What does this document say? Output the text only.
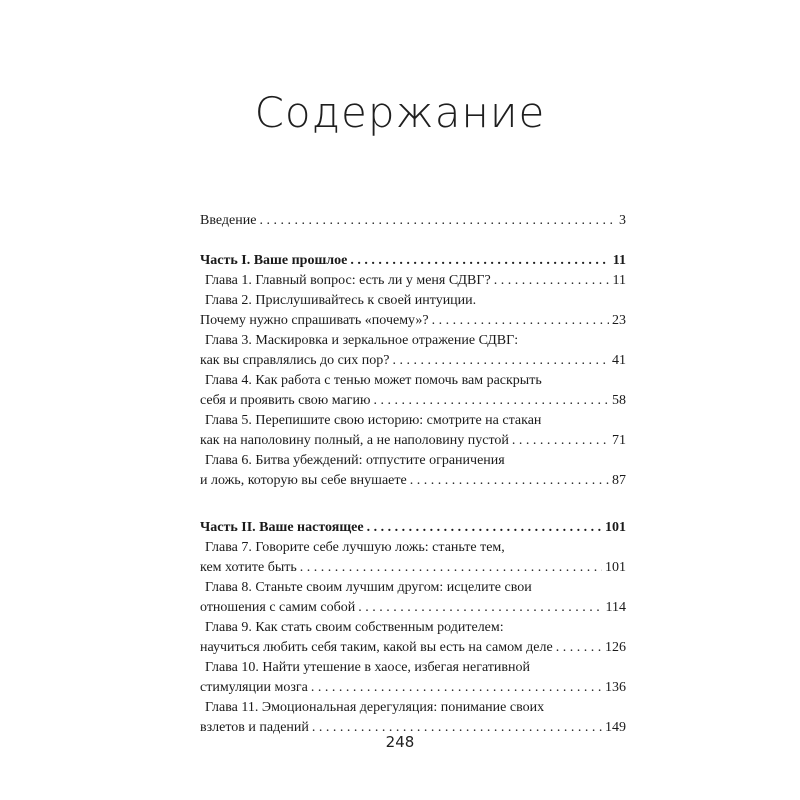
Содержание
Введение . . .	3
Часть I. Ваше прошлое . . .	11
Глава 1. Главный вопрос: есть ли у меня СДВГ? . . .	11
Глава 2. Прислушивайтесь к своей интуиции.
Почему нужно спрашивать «почему»? . . .	23
Глава 3. Маскировка и зеркальное отражение СДВГ:
как вы справлялись до сих пор? . . .	41
Глава 4. Как работа с тенью может помочь вам раскрыть
себя и проявить свою магию . . .	58
Глава 5. Перепишите свою историю: смотрите на стакан
как на наполовину полный, а не наполовину пустой . . .	71
Глава 6. Битва убеждений: отпустите ограничения
и ложь, которую вы себе внушаете . . .	87
Часть II. Ваше настоящее . . .	101
Глава 7. Говорите себе лучшую ложь: станьте тем,
кем хотите быть . . .	101
Глава 8. Станьте своим лучшим другом: исцелите свои
отношения с самим собой . . .	114
Глава 9. Как стать своим собственным родителем:
научиться любить себя таким, какой вы есть на самом деле . . .	126
Глава 10. Найти утешение в хаосе, избегая негативной
стимуляции мозга . . .	136
Глава 11. Эмоциональная дерегуляция: понимание своих
взлетов и падений . . .	149
248
